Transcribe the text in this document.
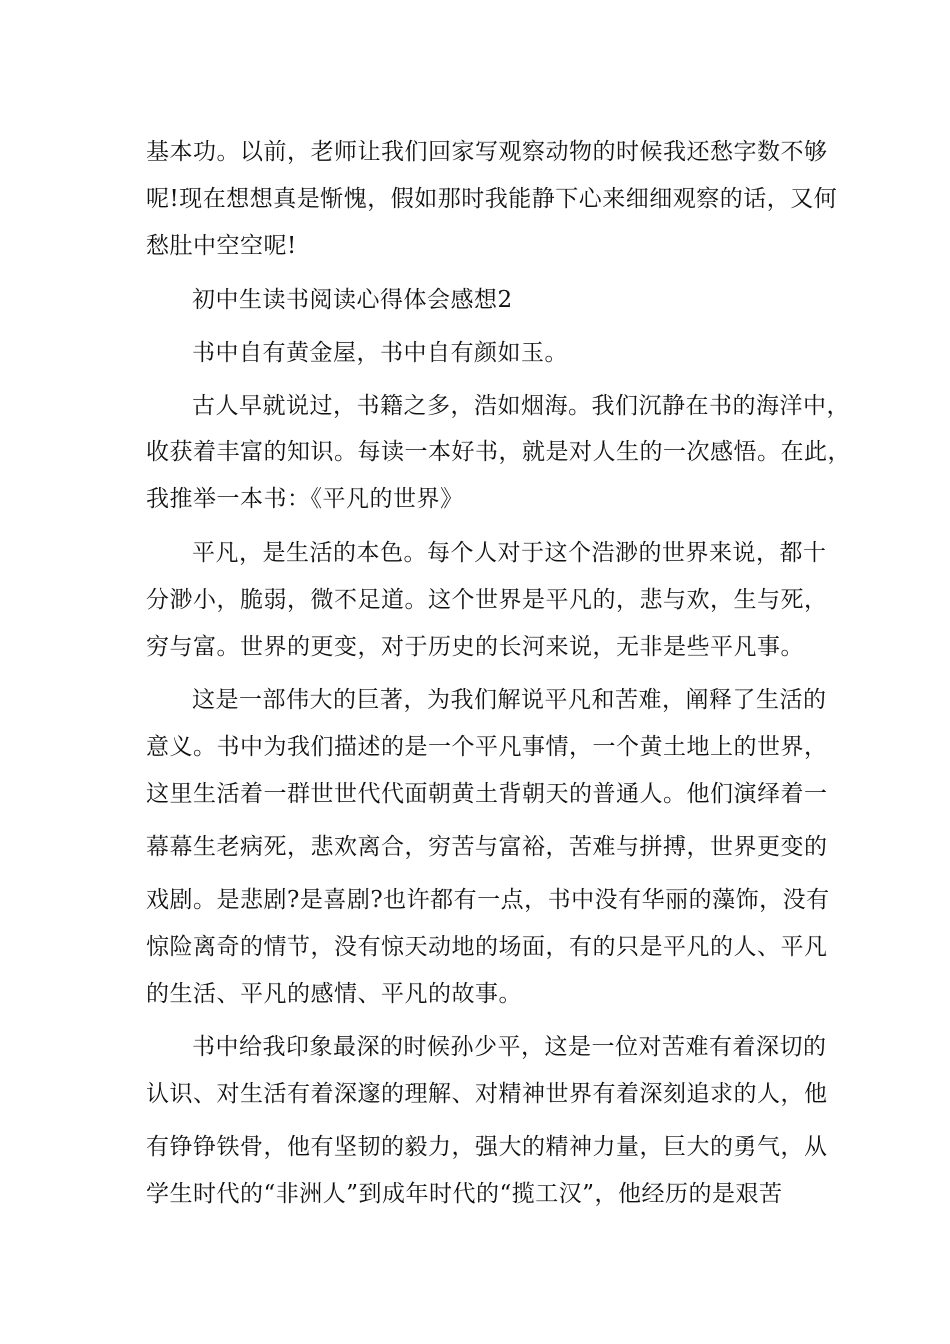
基本功。以前，老师让我们回家写观察动物的时候我还愁字数不够
呢!现在想想真是惭愧，假如那时我能静下心来细细观察的话，又何
愁肚中空空呢!
初中生读书阅读心得体会感想2
书中自有黄金屋，书中自有颜如玉。
古人早就说过，书籍之多，浩如烟海。我们沉静在书的海洋中，
收获着丰富的知识。每读一本好书，就是对人生的一次感悟。在此，
我推举一本书：《平凡的世界》
平凡，是生活的本色。每个人对于这个浩渺的世界来说，都十
分渺小，脆弱，微不足道。这个世界是平凡的，悲与欢，生与死，
穷与富。世界的更变，对于历史的长河来说，无非是些平凡事。
这是一部伟大的巨著，为我们解说平凡和苦难，阐释了生活的
意义。书中为我们描述的是一个平凡事情，一个黄土地上的世界，
这里生活着一群世世代代面朝黄土背朝天的普通人。他们演绎着一
幕幕生老病死，悲欢离合，穷苦与富裕，苦难与拼搏，世界更变的
戏剧。是悲剧?是喜剧?也许都有一点，书中没有华丽的藻饰，没有
惊险离奇的情节，没有惊天动地的场面，有的只是平凡的人、平凡
的生活、平凡的感情、平凡的故事。
书中给我印象最深的时候孙少平，这是一位对苦难有着深切的
认识、对生活有着深邃的理解、对精神世界有着深刻追求的人，他
有铮铮铁骨，他有坚韧的毅力，强大的精神力量，巨大的勇气，从
学生时代的“非洲人”到成年时代的“揽工汉”，他经历的是艰苦
